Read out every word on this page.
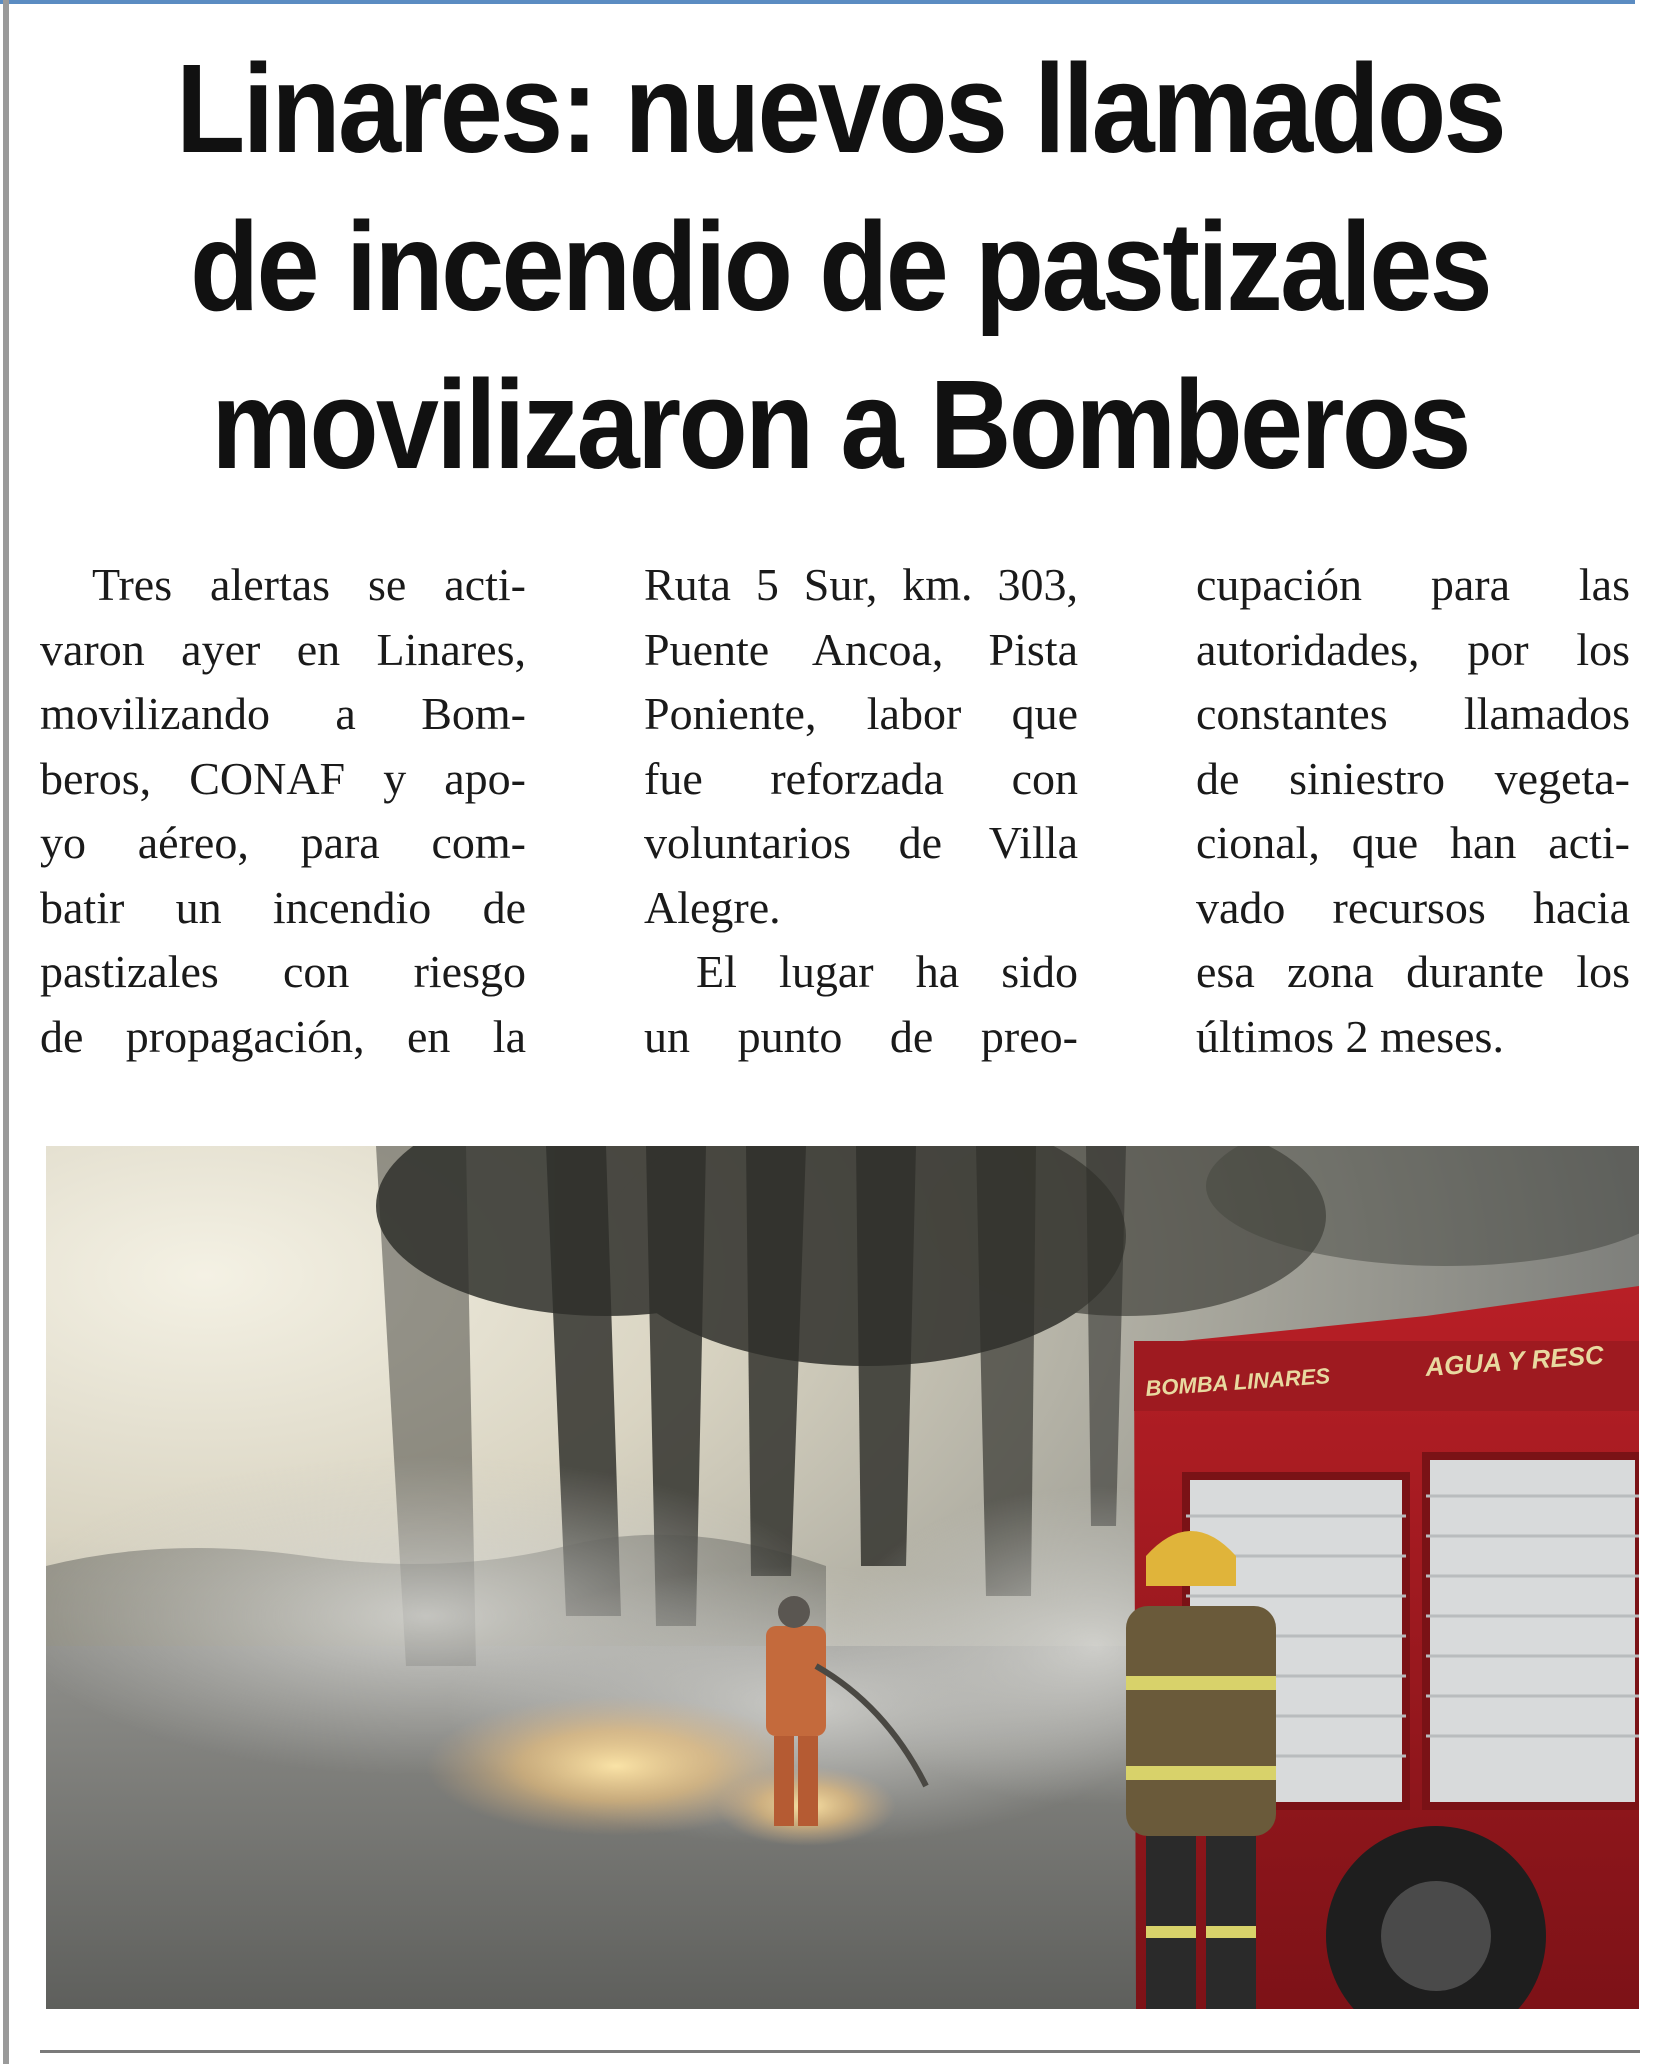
Linares: nuevos llamados
de incendio de pastizales
movilizaron a Bomberos
Tres alertas se acti-
varon ayer en Linares,
movilizando a Bom-
beros, CONAF y apo-
yo aéreo, para com-
batir un incendio de
pastizales con riesgo
de propagación, en la
Ruta 5 Sur, km. 303,
Puente Ancoa, Pista
Poniente, labor que
fue reforzada con
voluntarios de Villa
Alegre.
El lugar ha sido
un punto de preo-
cupación para las
autoridades, por los
constantes llamados
de siniestro vegeta-
cional, que han acti-
vado recursos hacia
esa zona durante los
últimos 2 meses.
BOMBA LINARES
AGUA Y RESC
